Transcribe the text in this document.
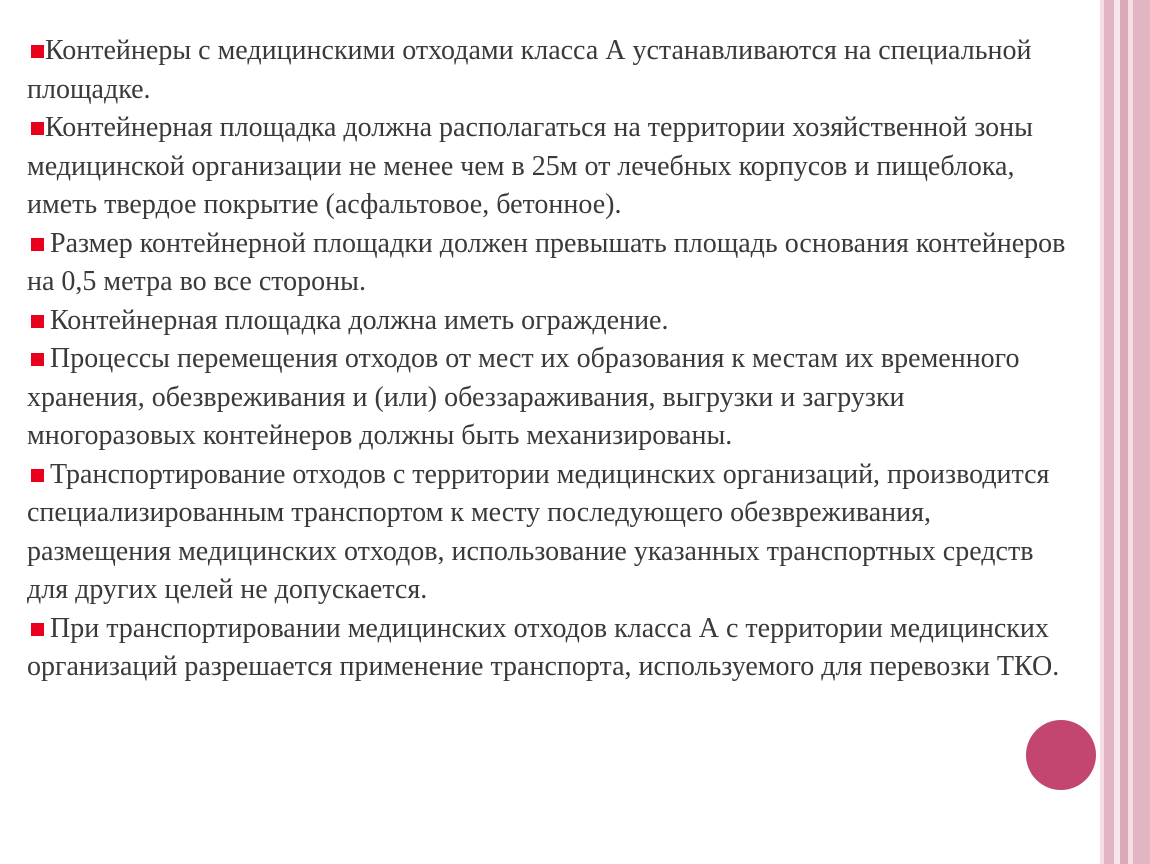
Контейнеры с медицинскими отходами класса А устанавливаются на специальной площадке.

Контейнерная площадка должна располагаться на территории хозяйственной зоны медицинской организации не менее чем в 25м от лечебных корпусов и пищеблока, иметь твердое покрытие (асфальтовое, бетонное).

Размер контейнерной площадки должен превышать площадь основания контейнеров на 0,5 метра во все стороны.

Контейнерная площадка должна иметь ограждение.

Процессы перемещения отходов от мест их образования к местам их временного хранения, обезвреживания и (или) обеззараживания, выгрузки и загрузки многоразовых контейнеров должны быть механизированы.

Транспортирование отходов с территории медицинских организаций, производится специализированным транспортом к месту последующего обезвреживания, размещения медицинских отходов, использование указанных транспортных средств для других целей не допускается.

При транспортировании медицинских отходов класса А с территории медицинских организаций разрешается применение транспорта, используемого для перевозки ТКО.
